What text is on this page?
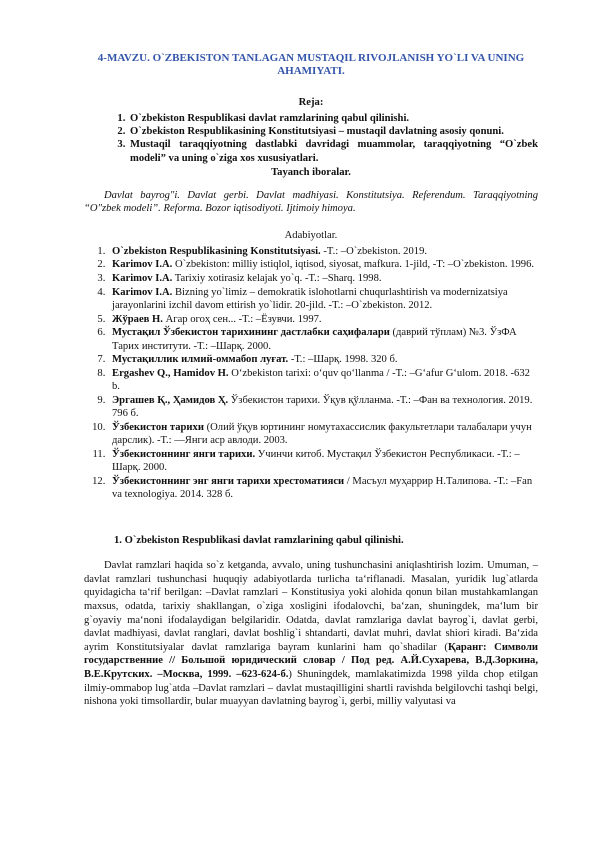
4-MAVZU. O`ZBEKISTON TANLAGAN MUSTAQIL RIVOJLANISH YO`LI VA UNING AHAMIYATI.
Reja:
1. O`zbekiston Respublikasi davlat ramzlarining qabul qilinishi.
2. O`zbekiston Respublikasining Konstitutsiyasi – mustaqil davlatning asosiy qonuni.
3. Mustaqil taraqqiyotning dastlabki davridagi muammolar, taraqqiyotning “O`zbek modeli” va uning o`ziga xos xususiyatlari.
Tayanch iboralar.

Davlat bayrog"i. Davlat gerbi. Davlat madhiyasi. Konstitutsiya. Referendum. Taraqqiyotning “O"zbek modeli”. Reforma. Bozor iqtisodiyoti. Ijtimoiy himoya.

Adabiyotlar.
1. O`zbekiston Respublikasining Konstitutsiyasi. -T.: –O`zbekiston. 2019.
2. Karimov I.A. O`zbekiston: milliy istiqlol, iqtisod, siyosat, mafkura. 1-jild, -T: –O`zbekiston. 1996.
3. Karimov I.A. Tarixiy xotirasiz kelajak yo`q. -T.: –Sharq. 1998.
4. Karimov I.A. Bizning yo`limiz – demokratik islohotlarni chuqurlashtirish va modernizatsiya jarayonlarini izchil davom ettirish yo`lidir. 20-jild. -T.: –O`zbekiston. 2012.
5. Жўраев Н. Агар огоҳ сен... -Т.: –Ёзувчи. 1997.
6. Мустақил Ўзбекистон тарихининг дастлабки саҳифалари (даврий тўплам) №3. ЎзФА Тарих институти. -Т.: –Шарқ. 2000.
7. Мустақиллик илмий-оммабоп луғат. -Т.: –Шарқ. 1998. 320 б.
8. Ergashev Q., Hamidov H. O‘zbekiston tarixi: o‘quv qo‘llanma / -T.: –G‘afur G‘ulom. 2018. -632 b.
9. Эргашев Қ., Ҳамидов Ҳ. Ўзбекистон тарихи. Ўқув қўлланма. -Т.: –Фан ва технология. 2019. 796 б.
10. Ўзбекистон тарихи (Олий ўқув юртининг номутахассислик факультетлари талабалари учун дарслик). -Т.: —Янги аср авлоди. 2003.
11. Ўзбекистоннинг янги тарихи. Учинчи китоб. Мустақил Ўзбекистон Республикаси. -Т.: –Шарқ. 2000.
12. Ўзбекистоннинг энг янги тарихи хрестоматияси / Масъул муҳаррир Н.Талипова. -Т.: –Fan va texnologiya. 2014. 328 б.
1. O`zbekiston Respublikasi davlat ramzlarining qabul qilinishi.

Davlat ramzlari haqida so`z ketganda, avvalo, uning tushunchasini aniqlashtirish lozim. Umuman, –davlat ramzlari tushunchasi huquqiy adabiyotlarda turlicha ta‘riflanadi. Masalan, yuridik lug`atlarda quyidagicha ta‘rif berilgan: –Davlat ramzlari – Konstitusiya yoki alohida qonun bilan mustahkamlangan maxsus, odatda, tarixiy shakllangan, o`ziga xosligini ifodalovchi, ba‘zan, shuningdek, ma‘lum bir g`oyaviy ma‘noni ifodalaydigan belgilaridir. Odatda, davlat ramzlariga davlat bayrog`i, davlat gerbi, davlat madhiyasi, davlat ranglari, davlat boshlig`i shtandarti, davlat muhri, davlat shiori kiradi. Ba‘zida ayrim Konstitutsiyalar davlat ramzlariga bayram kunlarini ham qo`shadilar (Қаранг: Символи государственние // Большой юридический словар / Под ред. А.Й.Сухарева, В.Д.Зоркина, В.Е.Крутских. –Москва, 1999. –623-624-б.) Shuningdek, mamlakatimizda 1998 yilda chop etilgan ilmiy-ommabop lug`atda –Davlat ramzlari – davlat mustaqilligini shartli ravishda belgilovchi tashqi belgi, nishona yoki timsollardir, bular muayyan davlatning bayrog`i, gerbi, milliy valyutasi va
